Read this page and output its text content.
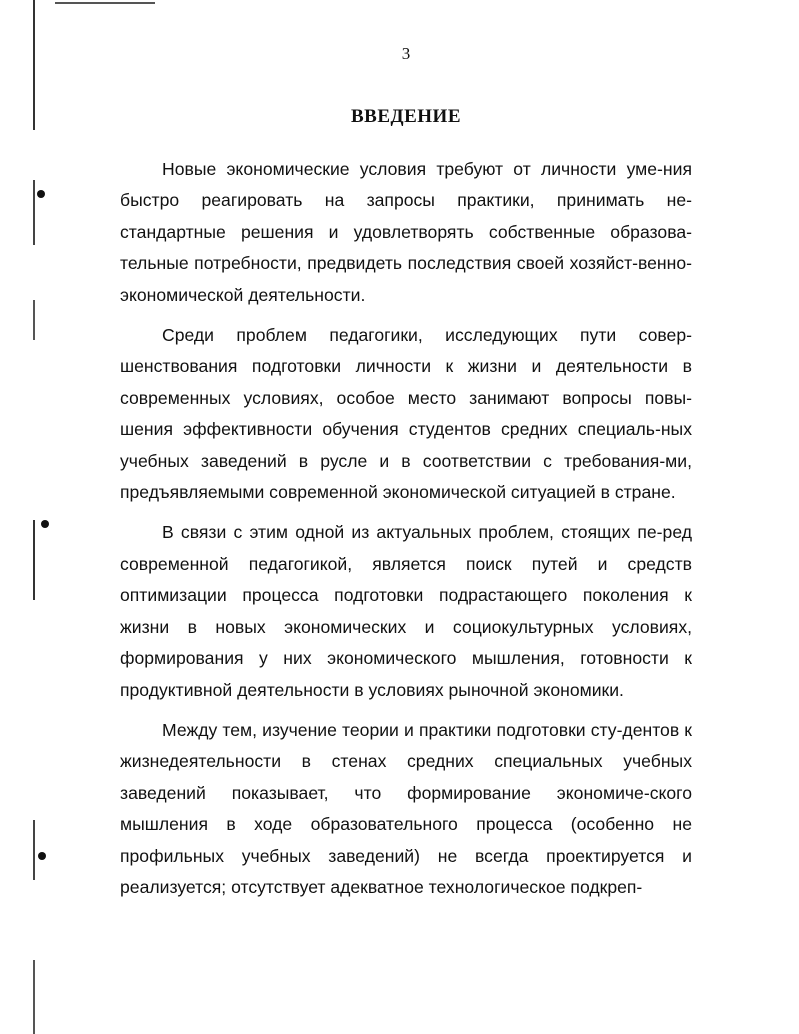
3
ВВЕДЕНИЕ

Новые экономические условия требуют от личности уме-ния быстро реагировать на запросы практики, принимать не-стандартные решения и удовлетворять собственные образова-тельные потребности, предвидеть последствия своей хозяйст-венно-экономической деятельности.

Среди проблем педагогики, исследующих пути совер-шенствования подготовки личности к жизни и деятельности в современных условиях, особое место занимают вопросы повы-шения эффективности обучения студентов средних специаль-ных учебных заведений в русле и в соответствии с требования-ми, предъявляемыми современной экономической ситуацией в стране.

В связи с этим одной из актуальных проблем, стоящих пе-ред современной педагогикой, является поиск путей и средств оптимизации процесса подготовки подрастающего поколения к жизни в новых экономических и социокультурных условиях, формирования у них экономического мышления, готовности к продуктивной деятельности в условиях рыночной экономики.

Между тем, изучение теории и практики подготовки сту-дентов к жизнедеятельности в стенах средних специальных учебных заведений показывает, что формирование экономиче-ского мышления в ходе образовательного процесса (особенно не профильных учебных заведений) не всегда проектируется и реализуется; отсутствует адекватное технологическое подкреп-
